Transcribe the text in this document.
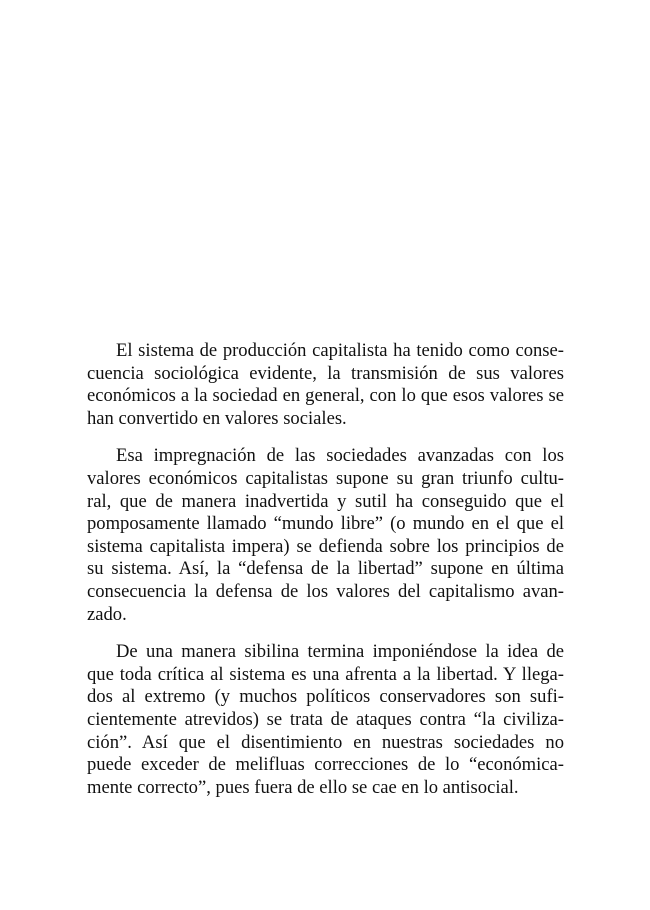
El sistema de producción capitalista ha tenido como conse-
cuencia sociológica evidente, la transmisión de sus valores
económicos a la sociedad en general, con lo que esos valores se
han convertido en valores sociales.

Esa impregnación de las sociedades avanzadas con los
valores económicos capitalistas supone su gran triunfo cultu-
ral, que de manera inadvertida y sutil ha conseguido que el
pomposamente llamado “mundo libre” (o mundo en el que el
sistema capitalista impera) se defienda sobre los principios de
su sistema. Así, la “defensa de la libertad” supone en última
consecuencia la defensa de los valores del capitalismo avan-
zado.

De una manera sibilina termina imponiéndose la idea de
que toda crítica al sistema es una afrenta a la libertad. Y llega-
dos al extremo (y muchos políticos conservadores son sufi-
cientemente atrevidos) se trata de ataques contra “la civiliza-
ción”. Así que el disentimiento en nuestras sociedades no
puede exceder de melifluas correcciones de lo “económica-
mente correcto”, pues fuera de ello se cae en lo antisocial.
